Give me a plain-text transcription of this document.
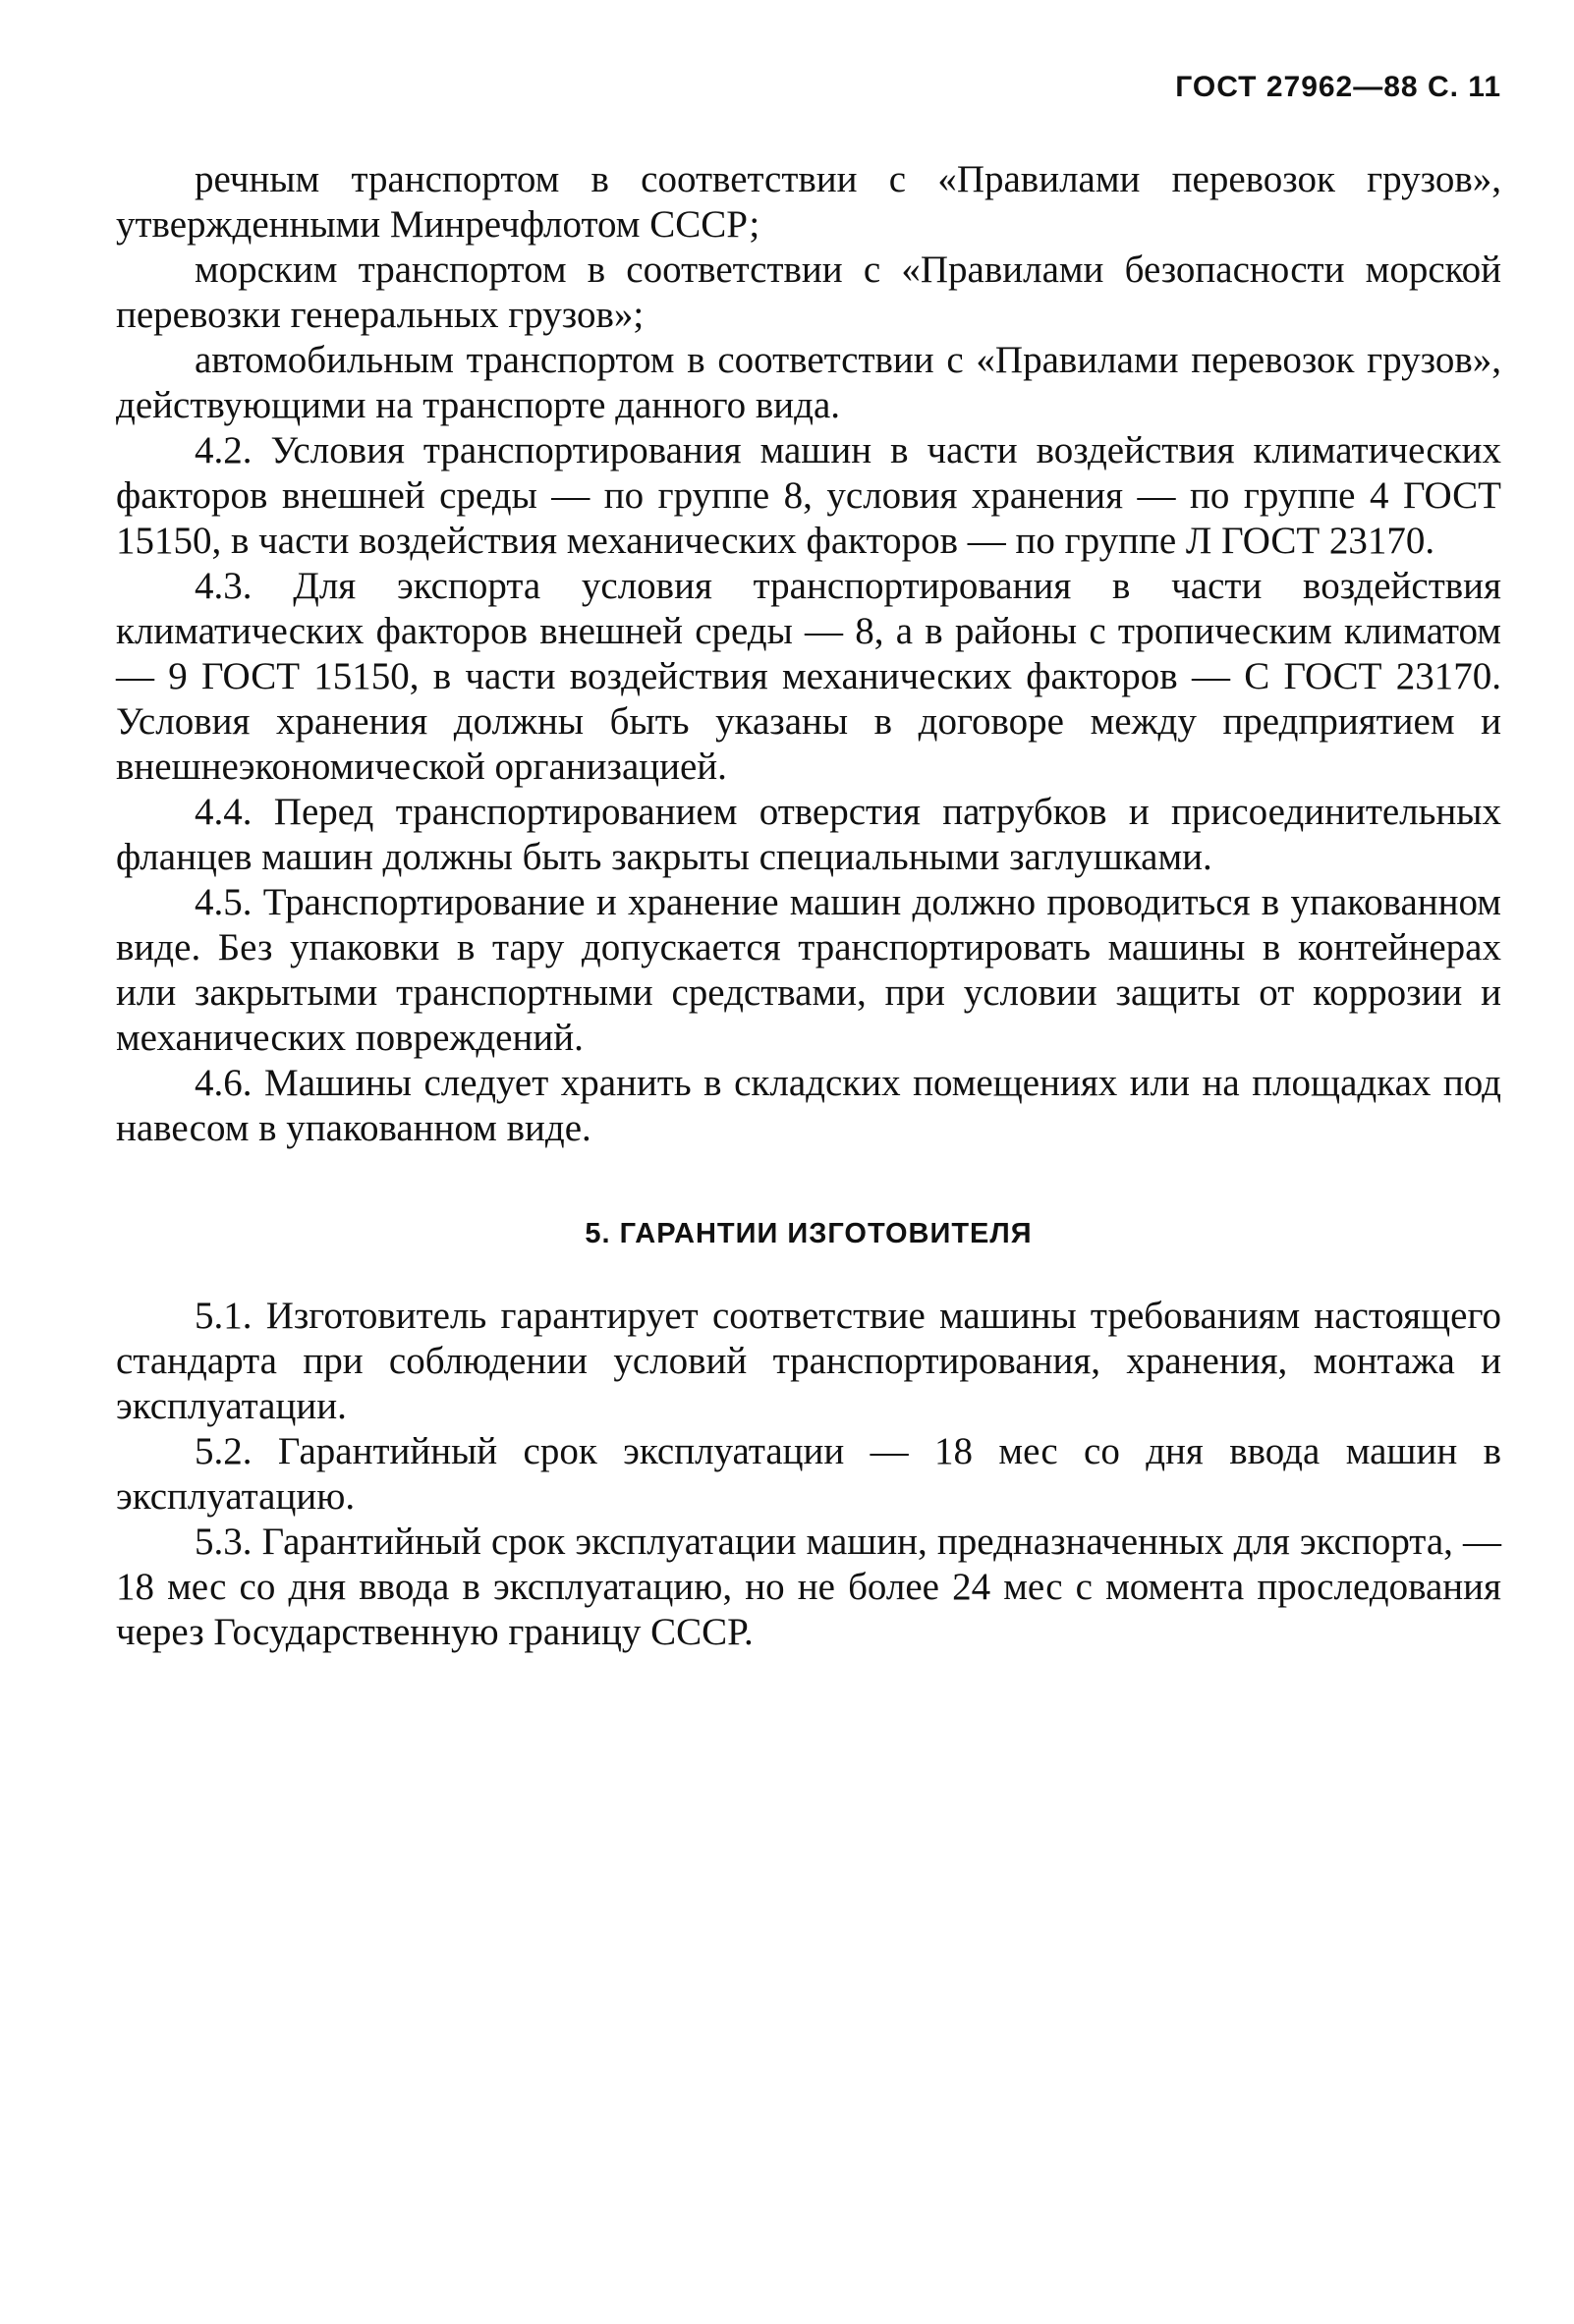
ГОСТ 27962—88 С. 11

речным транспортом в соответствии с «Правилами перевозок грузов», утвержденными Минречфлотом СССР;

морским транспортом в соответствии с «Правилами безопасности морской перевозки генеральных грузов»;

автомобильным транспортом в соответствии с «Правилами перевозок грузов», действующими на транспорте данного вида.

4.2. Условия транспортирования машин в части воздействия климатических факторов внешней среды — по группе 8, условия хранения — по группе 4 ГОСТ 15150, в части воздействия механических факторов — по группе Л ГОСТ 23170.

4.3. Для экспорта условия транспортирования в части воздействия климатических факторов внешней среды — 8, а в районы с тропическим климатом — 9 ГОСТ 15150, в части воздействия механических факторов — С ГОСТ 23170. Условия хранения должны быть указаны в договоре между предприятием и внешнеэкономической организацией.

4.4. Перед транспортированием отверстия патрубков и присоединительных фланцев машин должны быть закрыты специальными заглушками.

4.5. Транспортирование и хранение машин должно проводиться в упакованном виде. Без упаковки в тару допускается транспортировать машины в контейнерах или закрытыми транспортными средствами, при условии защиты от коррозии и механических повреждений.

4.6. Машины следует хранить в складских помещениях или на площадках под навесом в упакованном виде.

5. ГАРАНТИИ ИЗГОТОВИТЕЛЯ

5.1. Изготовитель гарантирует соответствие машины требованиям настоящего стандарта при соблюдении условий транспортирования, хранения, монтажа и эксплуатации.

5.2. Гарантийный срок эксплуатации — 18 мес со дня ввода машин в эксплуатацию.

5.3. Гарантийный срок эксплуатации машин, предназначенных для экспорта, — 18 мес со дня ввода в эксплуатацию, но не более 24 мес с момента проследования через Государственную границу СССР.
